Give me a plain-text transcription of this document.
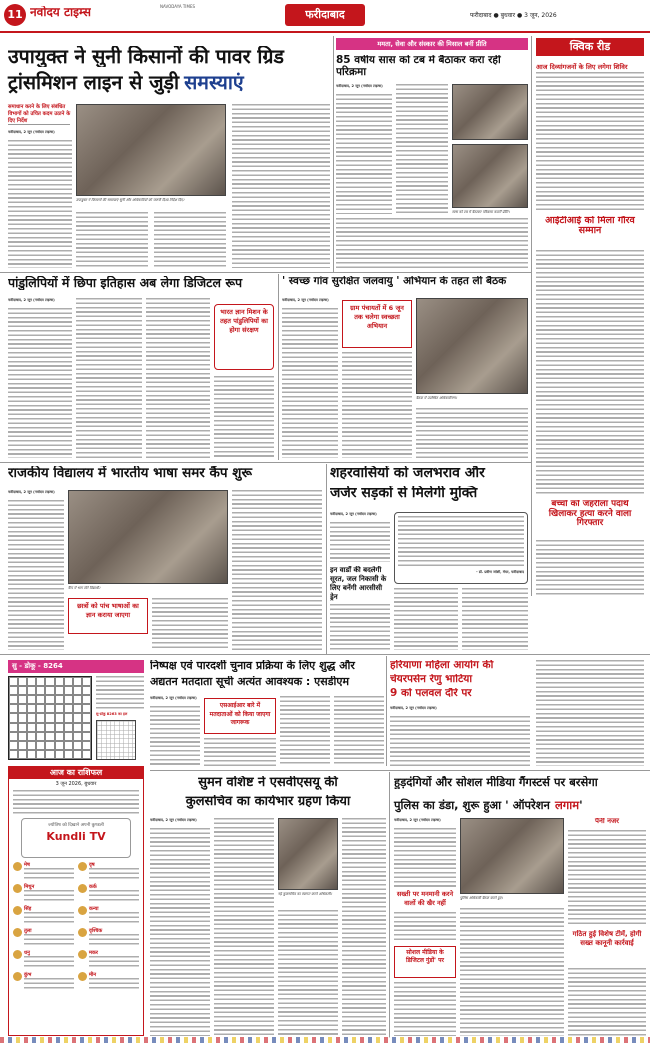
11 नवोदय टाइम्स	NAVODAYA TIMES
फरीदाबाद	फरीदाबाद ● बुधवार ● 3 जून, 2026
उपायुक्त ने सुनी किसानों की पावर ग्रिड
ट्रांसमिशन लाइन से जुड़ी समस्याएं
समाधान करने के लिए संबंधित विभागों को उचित कदम उठाने के दिए निर्देश
फरीदाबाद, 2 जून (नवोदय टाइम्स)
उपायुक्त ने किसानों की समस्याएं सुनीं और अधिकारियों को जरूरी दिशा-निर्देश दिए।
ममता, सेवा और संस्कार की मिसाल बनीं प्रीति
85 वर्षीय सास को टब में बैठाकर करा रहीं परिक्रमा
फरीदाबाद, 2 जून (नवोदय टाइम्स)
सास को टब में बैठाकर परिक्रमा करतीं प्रीति।
क्विक रीड
आज दिव्यांगजनों के लिए लगेगा शिविर
आईटीआई को मिला गौरव सम्मान
बच्चों को जहरीला पदार्थ खिलाकर हत्या करने वाला गिरफ्तार
पांडुलिपियों में छिपा इतिहास अब लेगा डिजिटल रूप
फरीदाबाद, 2 जून (नवोदय टाइम्स)
भारत ज्ञान मिशन के तहत पांडुलिपियों का होगा संरक्षण
' स्वच्छ गांव सुरक्षित जलवायु ' अभियान के तहत ली बैठक
फरीदाबाद, 2 जून (नवोदय टाइम्स)
ग्राम पंचायतों में 6 जून तक चलेगा स्वच्छता अभियान
बैठक में उपस्थित अधिकारीगण।
राजकीय विद्यालय में भारतीय भाषा समर कैंप शुरू
फरीदाबाद, 2 जून (नवोदय टाइम्स)
कैंप में भाग लेते विद्यार्थी।
छात्रों को पांच भाषाओं का ज्ञान कराया जाएगा
शहरवासियों को जलभराव और
जर्जर सड़कों से मिलेगी मुक्ति
फरीदाबाद, 2 जून (नवोदय टाइम्स)
इन वार्डों की बदलेगी सूरत, जल निकासी के लिए बनेंगी आरसीसी ड्रेन
- डॉ. प्रवीण जोशी, मेयर, फरीदाबाद
सु - डोकू - 8264
सु-डोकू 8263 का हल
निष्पक्ष एवं पारदर्शी चुनाव प्रक्रिया के लिए शुद्ध और
अद्यतन मतदाता सूची अत्यंत आवश्यक : एसडीएम
फरीदाबाद, 2 जून (नवोदय टाइम्स)
एसआईआर बारे में मतदाताओं को किया जाएगा जागरूक
हरियाणा महिला आयोग की
चेयरपर्सन रेणु भाटिया
9 को पलवल दौरे पर
फरीदाबाद, 2 जून (नवोदय टाइम्स)
आज का राशिफल
3 जून 2026, बुधवार
ज्योतिष को दिखाने अपनी कुण्डली
Kundli TV
मेष	वृष
मिथुन	कर्क
सिंह	कन्या
तुला	वृश्चिक
धनु	मकर
कुंभ	मीन
सुमन वशिष्ट ने एसवीएसयू की
कुलसचिव का कार्यभार ग्रहण किया
फरीदाबाद, 2 जून (नवोदय टाइम्स)
नई कुलसचिव का स्वागत करते अधिकारी।
हुड़दंगियों और सोशल मीडिया गैंगस्टर्स पर बरसेगा
पुलिस का डंडा, शुरू हुआ ' ऑपरेशन लगाम'
फरीदाबाद, 2 जून (नवोदय टाइम्स)
सख्ती पर मनमानी करने वालों की खैर नहीं
सोशल मीडिया के डिजिटल गुंडों' पर
पुलिस अधिकारी बैठक करते हुए।
पैनी नजर
गठित हुई विशेष टीमें, होगी सख्त कानूनी कार्रवाई
